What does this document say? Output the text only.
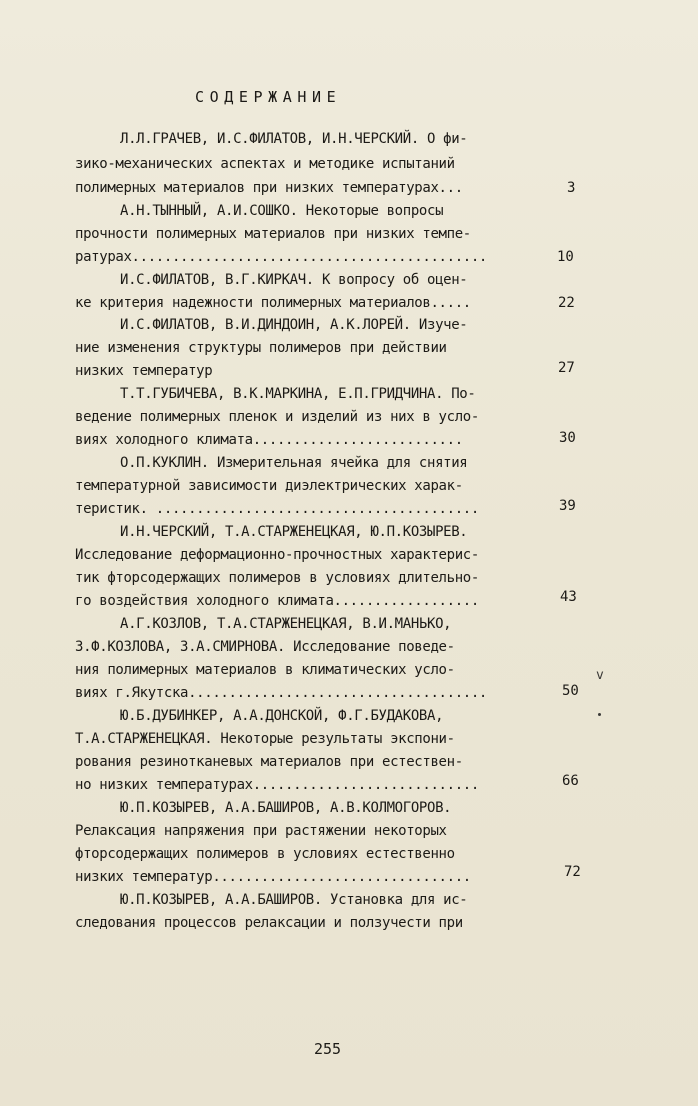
СОДЕРЖАНИЕ
Л.Л.ГРАЧЕВ, И.С.ФИЛАТОВ, И.Н.ЧЕРСКИЙ. О фи-
зико-механических аспектах и методике испытаний
полимерных материалов при низких температурах...
А.Н.ТЫННЫЙ, А.И.СОШКО. Некоторые вопросы
прочности полимерных материалов при низких темпе-
ратурах............................................
И.С.ФИЛАТОВ, В.Г.КИРКАЧ. К вопросу об оцен-
ке критерия надежности полимерных материалов.....
И.С.ФИЛАТОВ, В.И.ДИНДОИН, А.К.ЛОРЕЙ. Изуче-
ние изменения структуры полимеров при действии
низких температур
Т.Т.ГУБИЧЕВА, В.К.МАРКИНА, Е.П.ГРИДЧИНА. По-
ведение полимерных пленок и изделий из них в усло-
виях холодного климата..........................
О.П.КУКЛИН. Измерительная ячейка для снятия
температурной зависимости диэлектрических харак-
теристик. ........................................
И.Н.ЧЕРСКИЙ, Т.А.СТАРЖЕНЕЦКАЯ, Ю.П.КОЗЫРЕВ.
Исследование деформационно-прочностных характерис-
тик фторсодержащих полимеров в условиях длительно-
го воздействия холодного климата..................
А.Г.КОЗЛОВ, Т.А.СТАРЖЕНЕЦКАЯ, В.И.МАНЬКО,
З.Ф.КОЗЛОВА, З.А.СМИРНОВА. Исследование поведе-
ния полимерных материалов в климатических усло-
виях г.Якутска.....................................
Ю.Б.ДУБИНКЕР, А.А.ДОНСКОЙ, Ф.Г.БУДАКОВА,
Т.А.СТАРЖЕНЕЦКАЯ. Некоторые результаты экспони-
рования резинотканевых материалов при естествен-
но низких температурах............................
Ю.П.КОЗЫРЕВ, А.А.БАШИРОВ, А.В.КОЛМОГОРОВ.
Релаксация напряжения при растяжении некоторых
фторсодержащих полимеров в условиях естественно
низких температур................................
Ю.П.КОЗЫРЕВ, А.А.БАШИРОВ. Установка для ис-
следования процессов релаксации и ползучести при
3
10
22
27
30
39
43
50
66
72
v
255
